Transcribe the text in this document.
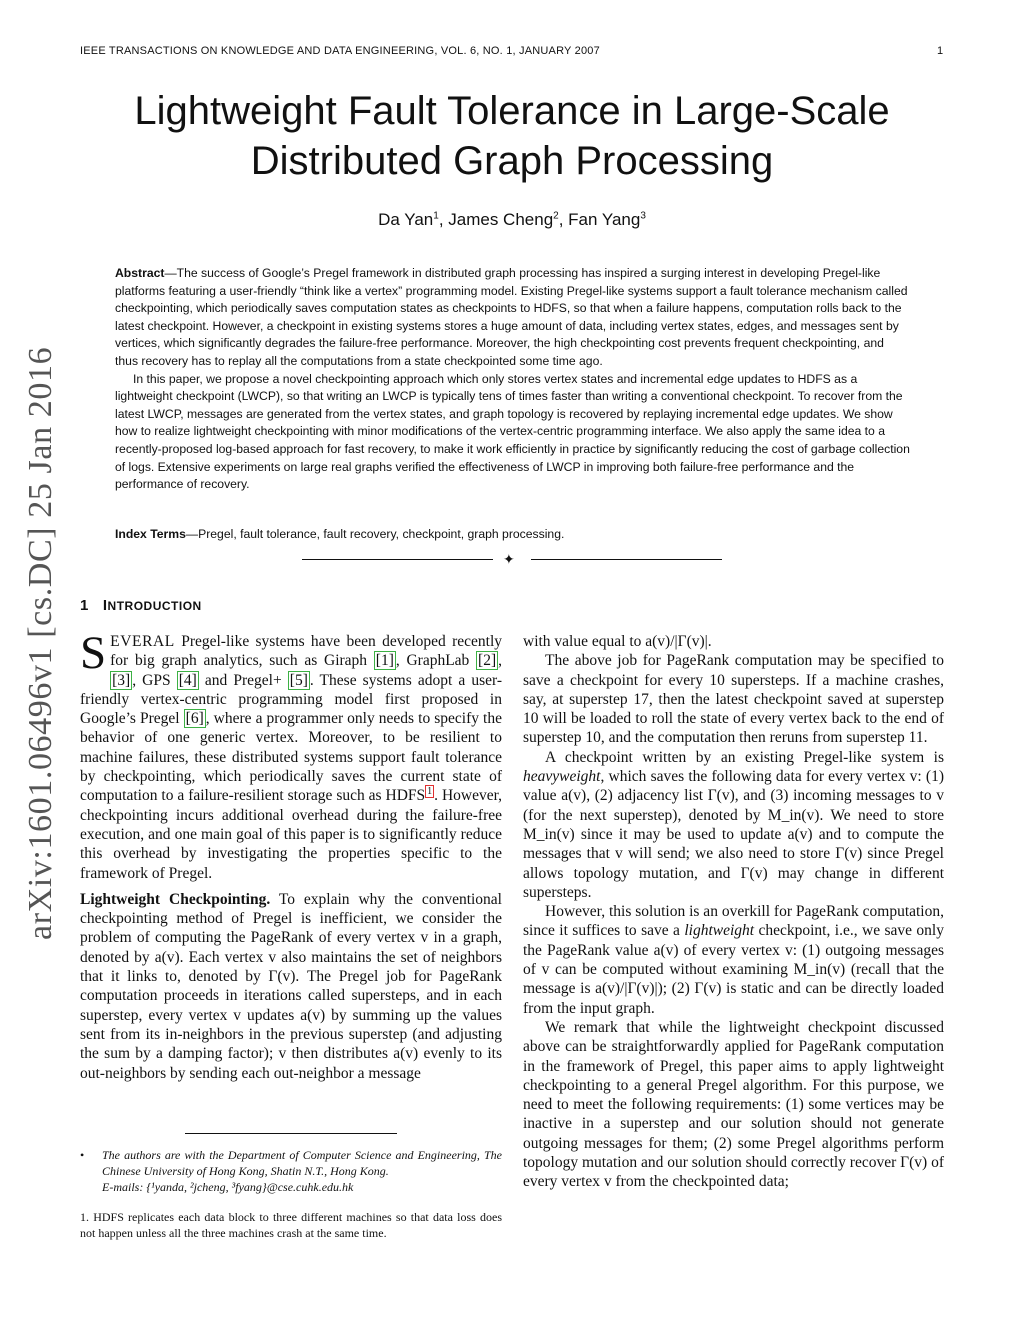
IEEE TRANSACTIONS ON KNOWLEDGE AND DATA ENGINEERING, VOL. 6, NO. 1, JANUARY 2007	1
Lightweight Fault Tolerance in Large-Scale
Distributed Graph Processing
Da Yan$^1$, James Cheng$^2$, Fan Yang$^3$

Abstract—The success of Google’s Pregel framework in distributed graph processing has inspired a surging interest in developing Pregel-like platforms featuring a user-friendly “think like a vertex” programming model. Existing Pregel-like systems support a fault tolerance mechanism called checkpointing, which periodically saves computation states as checkpoints to HDFS, so that when a failure happens, computation rolls back to the latest checkpoint. However, a checkpoint in existing systems stores a huge amount of data, including vertex states, edges, and messages sent by vertices, which significantly degrades the failure-free performance. Moreover, the high checkpointing cost prevents frequent checkpointing, and thus recovery has to replay all the computations from a state checkpointed some time ago.

In this paper, we propose a novel checkpointing approach which only stores vertex states and incremental edge updates to HDFS as a lightweight checkpoint (LWCP), so that writing an LWCP is typically tens of times faster than writing a conventional checkpoint. To recover from the latest LWCP, messages are generated from the vertex states, and graph topology is recovered by replaying incremental edge updates. We show how to realize lightweight checkpointing with minor modifications of the vertex-centric programming interface. We also apply the same idea to a recently-proposed log-based approach for fast recovery, to make it work efficiently in practice by significantly reducing the cost of garbage collection of logs. Extensive experiments on large real graphs verified the effectiveness of LWCP in improving both failure-free performance and the performance of recovery.

Index Terms—Pregel, fault tolerance, fault recovery, checkpoint, graph processing.
✦
arXiv:1601.06496v1 [cs.DC] 25 Jan 2016 1 INTRODUCTION

SEVERAL Pregel-like systems have been developed recently for big graph analytics, such as Giraph [1] , GraphLab [2] , [3] , GPS [4] and Pregel+ [5] . These systems adopt a user-friendly vertex-centric programming model first proposed in Google’s Pregel [6] , where a programmer only needs to specify the behavior of one generic vertex. Moreover, to be resilient to machine failures, these distributed systems support fault tolerance by checkpointing, which periodically saves the current state of computation to a failure-resilient storage such as HDFS $^1$ . However, checkpointing incurs additional overhead during the failure-free execution, and one main goal of this paper is to significantly reduce this overhead by investigating the properties specific to the framework of Pregel.

Lightweight Checkpointing. To explain why the conventional checkpointing method of Pregel is inefficient, we consider the problem of computing the PageRank of every vertex v in a graph, denoted by a(v). Each vertex v also maintains the set of neighbors that it links to, denoted by Γ(v). The Pregel job for PageRank computation proceeds in iterations called supersteps, and in each superstep, every vertex v updates a(v) by summing up the values sent from its in-neighbors in the previous superstep (and adjusting the sum by a damping factor); v then distributes a(v) evenly to its out-neighbors by sending each out-neighbor a message

with value equal to a(v)/|Γ(v)|.

The above job for PageRank computation may be specified to save a checkpoint for every 10 supersteps. If a machine crashes, say, at superstep 17, then the latest checkpoint saved at superstep 10 will be loaded to roll the state of every vertex back to the end of superstep 10, and the computation then reruns from superstep 11.

A checkpoint written by an existing Pregel-like system is heavyweight, which saves the following data for every vertex v: (1) value a(v), (2) adjacency list Γ(v), and (3) incoming messages to v (for the next superstep), denoted by M_in(v). We need to store M_in(v) since it may be used to update a(v) and to compute the messages that v will send; we also need to store Γ(v) since Pregel allows topology mutation, and Γ(v) may change in different supersteps.

However, this solution is an overkill for PageRank computation, since it suffices to save a lightweight checkpoint, i.e., we save only the PageRank value a(v) of every vertex v: (1) outgoing messages of v can be computed without examining M_in(v) (recall that the message is a(v)/|Γ(v)|); (2) Γ(v) is static and can be directly loaded from the input graph.

We remark that while the lightweight checkpoint discussed above can be straightforwardly applied for PageRank computation in the framework of Pregel, this paper aims to apply lightweight checkpointing to a general Pregel algorithm. For this purpose, we need to meet the following requirements: (1) some vertices may be inactive in a superstep and our solution should not generate outgoing messages for them; (2) some Pregel algorithms perform topology mutation and our solution should correctly recover Γ(v) of every vertex v from the checkpointed data;

• The authors are with the Department of Computer Science and Engineering, The Chinese University of Hong Kong, Shatin N.T., Hong Kong.
E-mails: {¹yanda, ²jcheng, ³fyang}@cse.cuhk.edu.hk
1. HDFS replicates each data block to three different machines so that data loss does not happen unless all the three machines crash at the same time.
